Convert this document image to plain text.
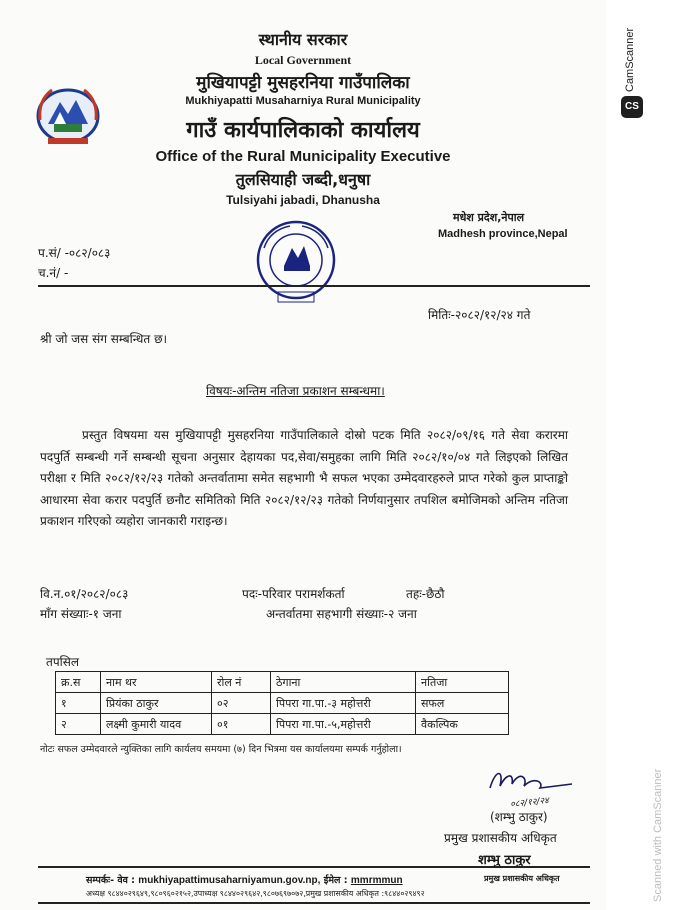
स्थानीय सरकार
Local Government
मुखियापट्टी मुसहरनिया गाउँपालिका
Mukhiyapatti Musaharniya Rural Municipality
गाउँ कार्यपालिकाको कार्यालय
Office of the Rural Municipality Executive
तुलसियाही जब्दी,धनुषा
Tulsiyahi jabadi, Dhanusha
मधेश प्रदेश,नेपाल
Madhesh province,Nepal
प.सं/ -०८२/०८३
च.नं/ -
मितिः-२०८२/१२/२४ गते
श्री जो जस संग सम्बन्धित छ।
विषयः-अन्तिम नतिजा प्रकाशन सम्बन्धमा।
प्रस्तुत विषयमा यस मुखियापट्टी मुसहरनिया गाउँपालिकाले दोस्रो पटक मिति २०८२/०९/१६ गते सेवा करारमा पदपुर्ति सम्बन्धी गर्ने सम्बन्धी सूचना अनुसार देहायका पद,सेवा/समुहका लागि मिति २०८२/१०/०४ गते लिइएको लिखित परीक्षा र मिति २०८२/१२/२३ गतेको अन्तर्वातामा समेत सहभागी भै सफल भएका उम्मेदवारहरुले प्राप्त गरेको कुल प्राप्ताङ्को आधारमा सेवा करार पदपुर्ति छनौट समितिको मिति २०८२/१२/२३ गतेको निर्णयानुसार तपशिल बमोजिमको अन्तिम नतिजा प्रकाशन गरिएको व्यहोरा जानकारी गराइन्छ।
वि.न.०१/२०८२/०८३	पदः-परिवार परामर्शकर्ता	तहः-छैठौ
माँग संख्याः-१ जना	अन्तर्वातमा सहभागी संख्याः-२ जना
तपसिल
क्र.स	नाम थर	रोल नं	ठेगाना	नतिजा
१	प्रियंका ठाकुर	०२	पिपरा गा.पा.-३ महोत्तरी	सफल
२	लक्ष्मी कुमारी यादव	०१	पिपरा गा.पा.-५,महोत्तरी	वैकल्पिक
नोटः सफल उम्मेदवारले न्युक्तिका लागि कार्यलय समयमा (७) दिन भित्रमा यस कार्यालयमा सम्पर्क गर्नुहोला।
०८२/१२/२४
(शम्भु ठाकुर)
प्रमुख प्रशासकीय अधिकृत
शम्भु ठाकुर
सम्पर्कः- वेव : mukhiyapattimusaharniyamun.gov.np, ईमेल : mmrmmun	प्रमुख प्रशासकीय अधिकृत
अध्यक्ष ९८४४०२९६४९,९८०९६०२१५२,उपाध्यक्ष ९८४४०२९६४२,९८०७६९७०७२,प्रमुख प्रशासकीय अधिकृत :९८४४०२९४९२
CS
CamScanner
Scanned with CamScanner
